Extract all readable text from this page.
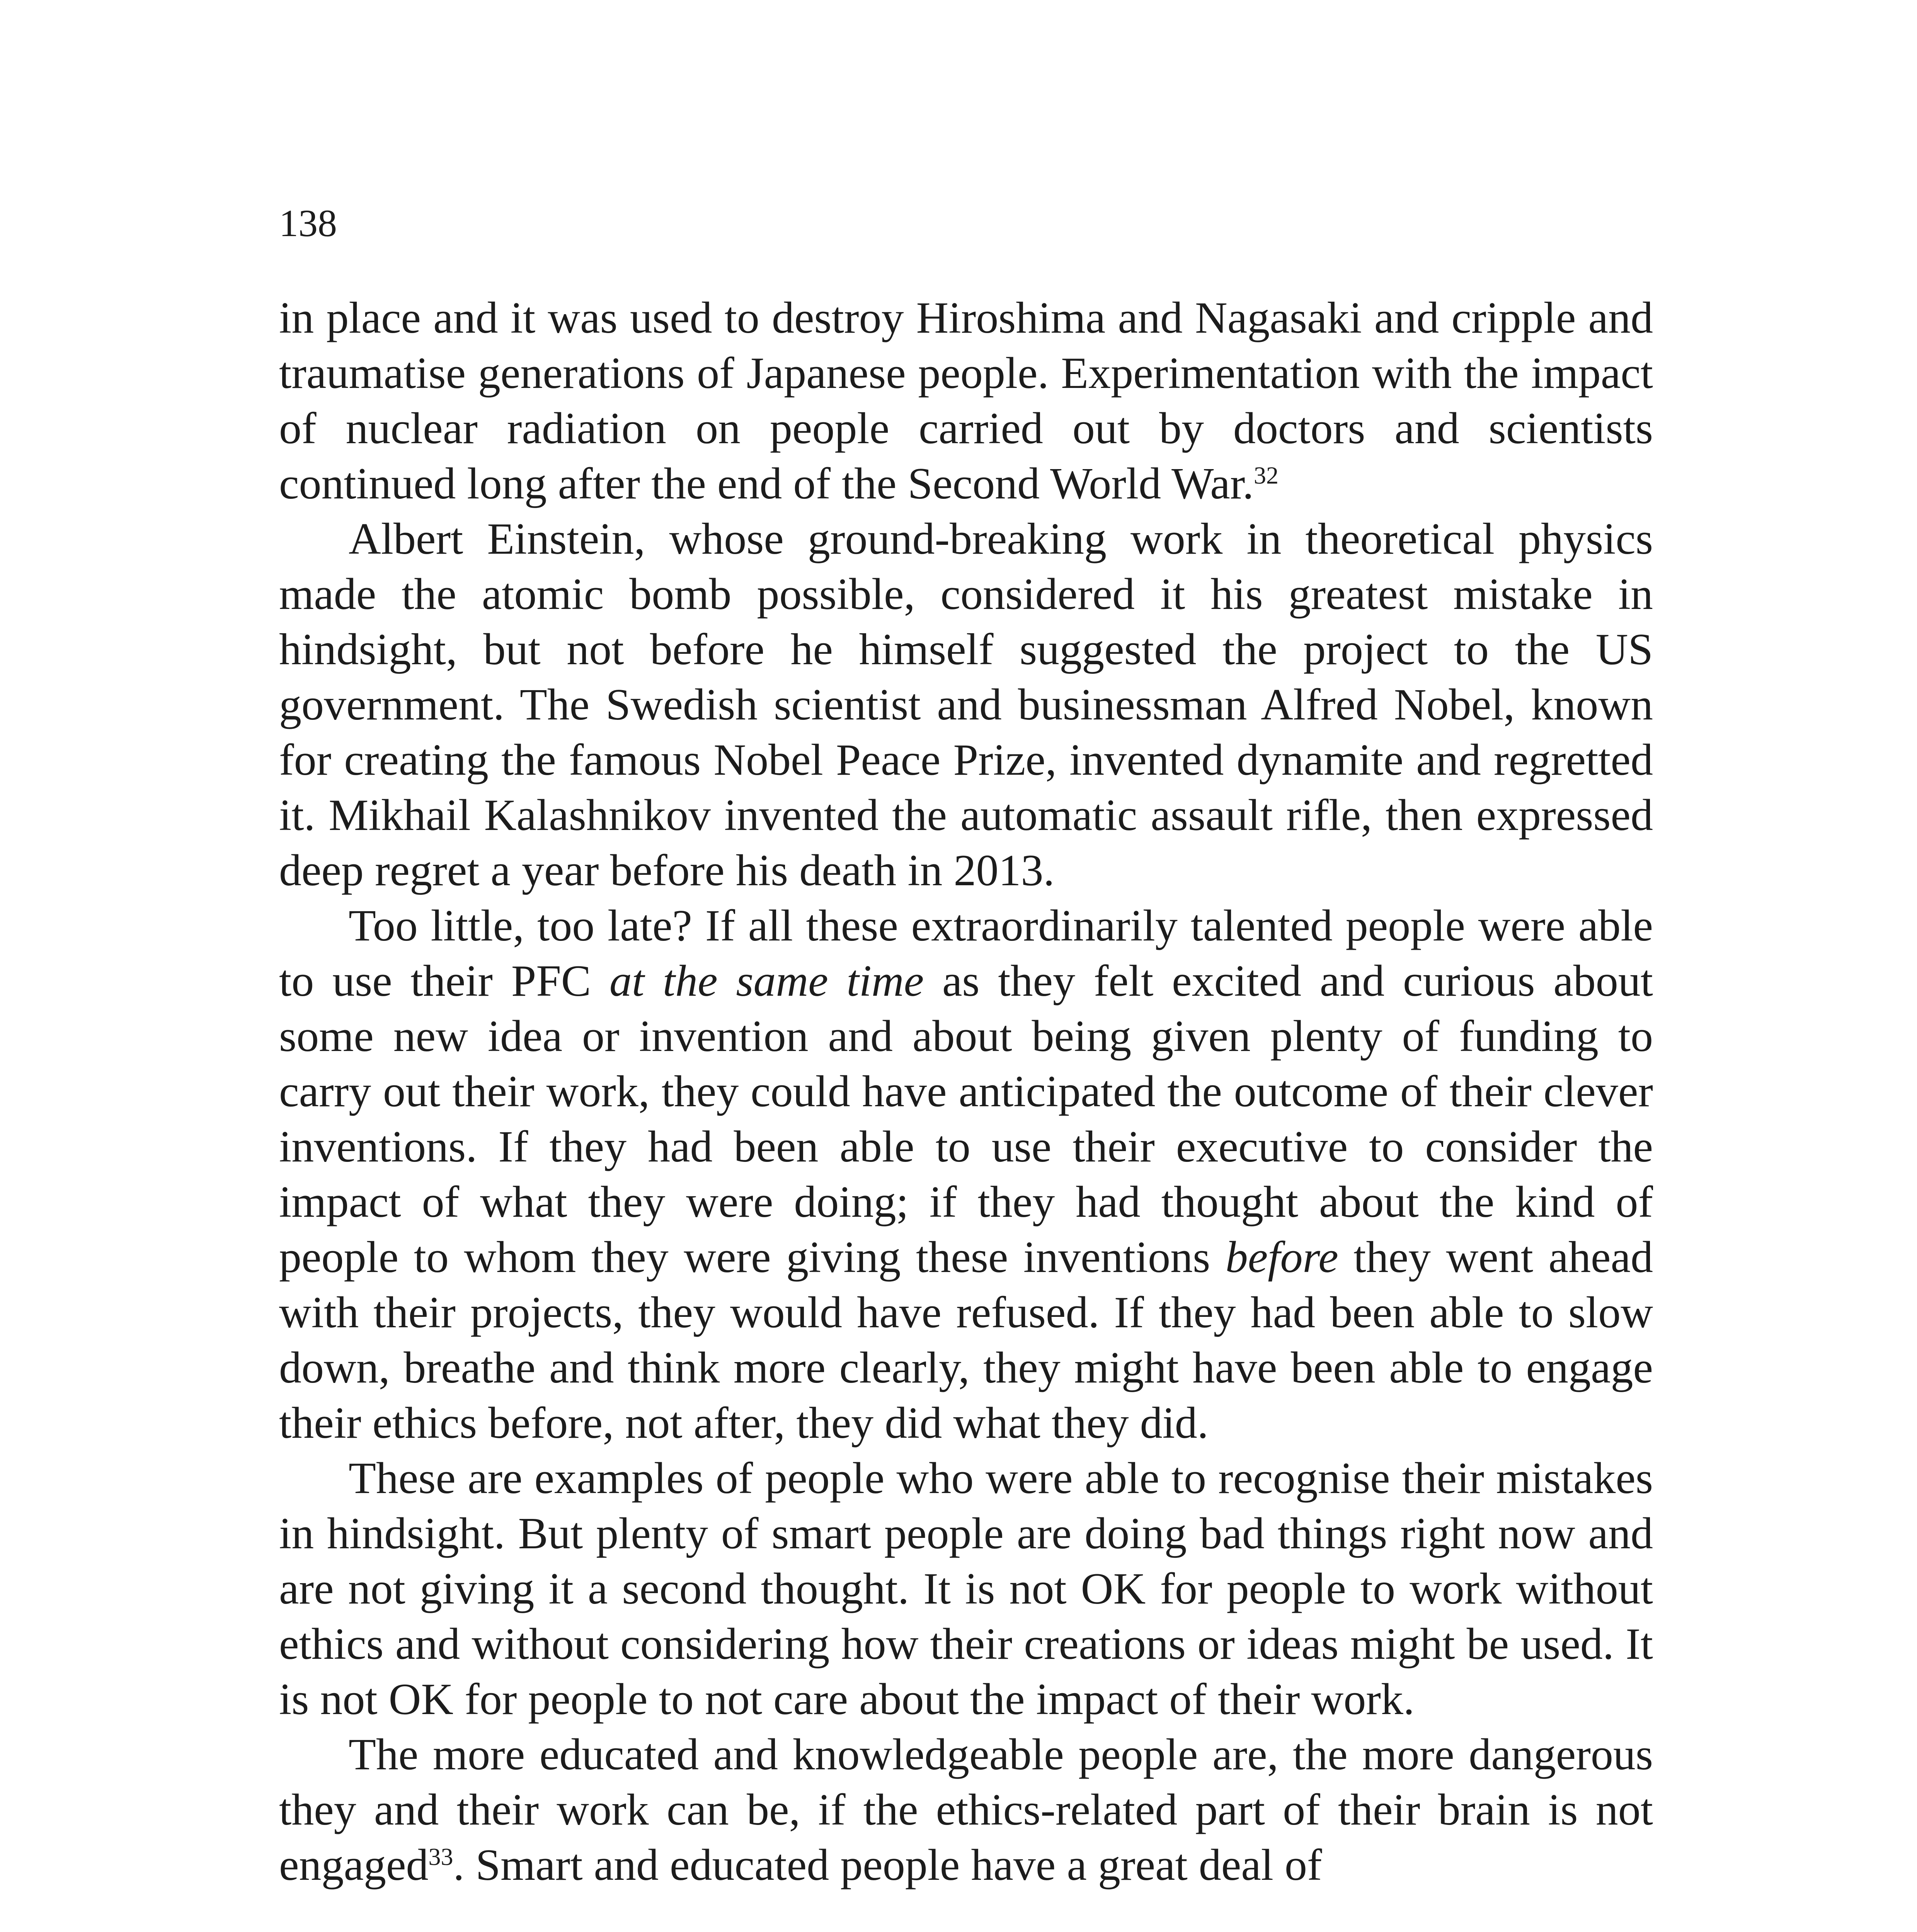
138

in place and it was used to destroy Hiroshima and Nagasaki and cripple and traumatise generations of Japanese people. Experimentation with the impact of nuclear radiation on people carried out by doctors and scientists continued long after the end of the Second World War.$^{32}$

Albert Einstein, whose ground-breaking work in theoretical physics made the atomic bomb possible, considered it his greatest mistake in hindsight, but not before he himself suggested the project to the US government. The Swedish scientist and businessman Alfred Nobel, known for creating the famous Nobel Peace Prize, invented dynamite and regretted it. Mikhail Kalashnikov invented the automatic assault rifle, then expressed deep regret a year before his death in 2013.

Too little, too late? If all these extraordinarily talented people were able to use their PFC at the same time as they felt excited and curious about some new idea or invention and about being given plenty of funding to carry out their work, they could have anticipated the outcome of their clever inventions. If they had been able to use their executive to consider the impact of what they were doing; if they had thought about the kind of people to whom they were giving these inventions before they went ahead with their projects, they would have refused. If they had been able to slow down, breathe and think more clearly, they might have been able to engage their ethics before, not after, they did what they did.

These are examples of people who were able to recognise their mistakes in hindsight. But plenty of smart people are doing bad things right now and are not giving it a second thought. It is not OK for people to work without ethics and without considering how their creations or ideas might be used. It is not OK for people to not care about the impact of their work.

The more educated and knowledgeable people are, the more dangerous they and their work can be, if the ethics-related part of their brain is not engaged$^{33}$. Smart and educated people have a great deal of
